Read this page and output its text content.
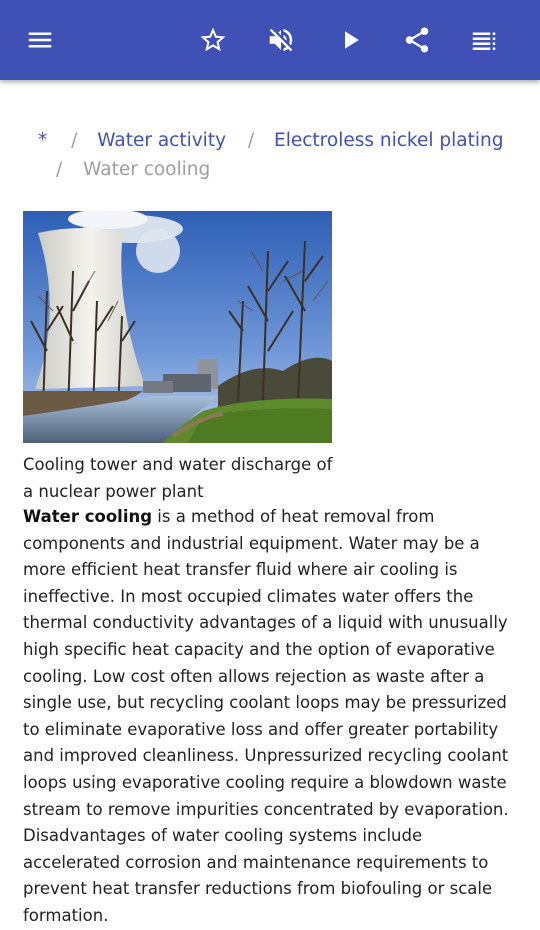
* / Water activity / Electroless nickel plating
/ Water cooling
Cooling tower and water discharge of a nuclear power plant

Water cooling is a method of heat removal from components and industrial equipment. Water may be a more efficient heat transfer fluid where air cooling is ineffective. In most occupied climates water offers the thermal conductivity advantages of a liquid with unusually high specific heat capacity and the option of evaporative cooling. Low cost often allows rejection as waste after a single use, but recycling coolant loops may be pressurized to eliminate evaporative loss and offer greater portability and improved cleanliness. Unpressurized recycling coolant loops using evaporative cooling require a blowdown waste stream to remove impurities concentrated by evaporation.

Disadvantages of water cooling systems include accelerated corrosion and maintenance requirements to prevent heat transfer reductions from biofouling or scale formation.
